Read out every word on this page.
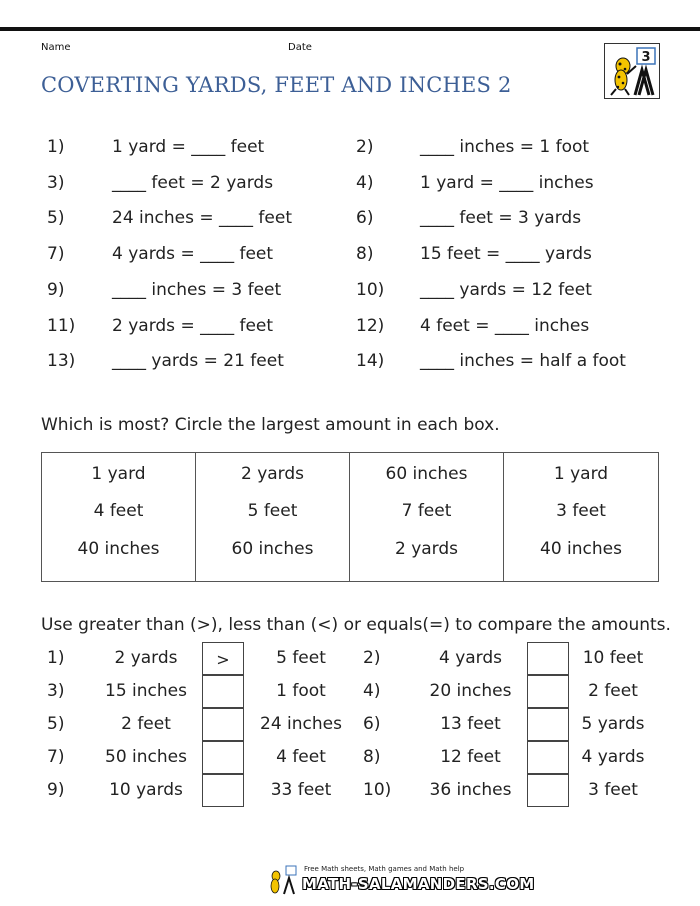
Name	Date
COVERTING YARDS, FEET AND INCHES 2
3
1)	1 yard = ____ feet	2)	____ inches = 1 foot
3)	____ feet = 2 yards	4)	1 yard = ____ inches
5)	24 inches = ____ feet	6)	____ feet = 3 yards
7)	4 yards = ____ feet	8)	15 feet = ____ yards
9)	____ inches = 3 feet	10) ____ yards = 12 feet
11) 2 yards = ____ feet	12) 4 feet = ____ inches
13) ____ yards = 21 feet	14) ____ inches = half a foot
Which is most? Circle the largest amount in each box.
1 yard
4 feet
40 inches
2 yards
5 feet
60 inches
60 inches
7 feet
2 yards
1 yard
3 feet
40 inches
Use greater than (>), less than (<) or equals(=) to compare the amounts.
1)	2 yards	>	5 feet	2)	4 yards	10 feet
3)	15 inches	1 foot	4)	20 inches	2 feet
5)	2 feet	24 inches	6)	13 feet	5 yards
7)	50 inches	4 feet	8)	12 feet	4 yards
9)	10 yards	33 feet	10)	36 inches	3 feet
Free Math sheets, Math games and Math help
MATH-SALAMANDERS.COM
